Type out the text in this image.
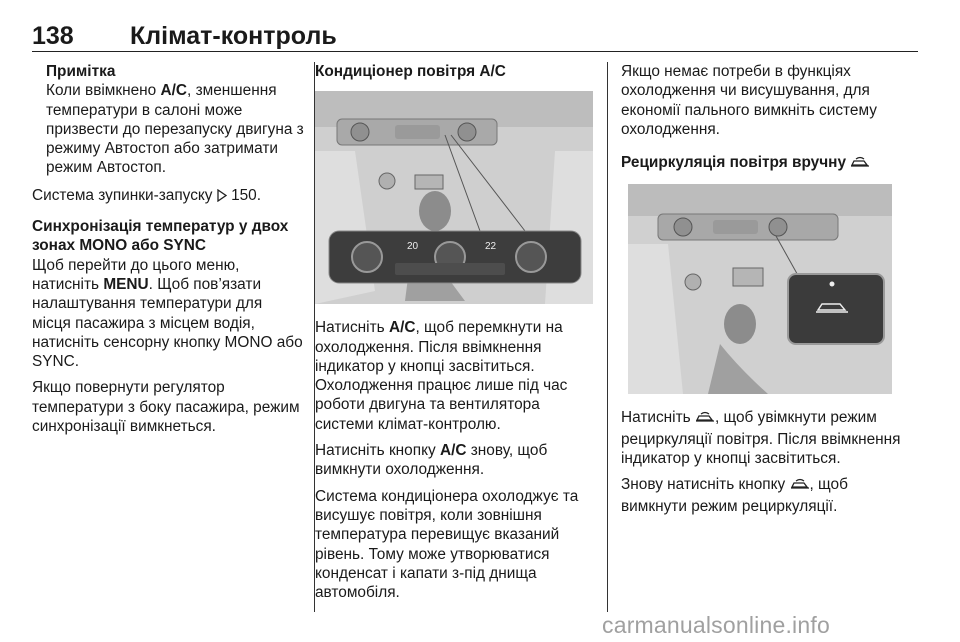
138 Клімат-контроль
Примітка
Коли ввімкнено A/C, зменшення температури в салоні може призвести до перезапуску двигуна з режиму Автостоп або затримати режим Автостоп.

Система зупинки-запуску  150.

Синхронізація температур у двох зонах MONO або SYNC

Щоб перейти до цього меню, натисніть MENU. Щоб пов’язати налаштування температури для місця пасажира з місцем водія, натисніть сенсорну кнопку MONO або SYNC.

Якщо повернути регулятор температури з боку пасажира, режим синхронізації вимкнеться.

Кондиціонер повітря A/C
20	22

Натисніть A/C, щоб перемкнути на охолодження. Після ввімкнення індикатор у кнопці засвітиться. Охолодження працює лише під час роботи двигуна та вентилятора системи клімат-контролю.

Натисніть кнопку A/C знову, щоб вимкнути охолодження.

Система кондиціонера охолоджує та висушує повітря, коли зовнішня температура перевищує вказаний рівень. Тому може утворюватися конденсат і капати з-під днища автомобіля.

Якщо немає потреби в функціях охолодження чи висушування, для економії пального вимкніть систему охолодження.

Рециркуляція повітря вручну

Натисніть , щоб увімкнути режим рециркуляції повітря. Після ввімкнення індикатор у кнопці засвітиться.

Знову натисніть кнопку , щоб вимкнути режим рециркуляції.

carmanualsonline.info
